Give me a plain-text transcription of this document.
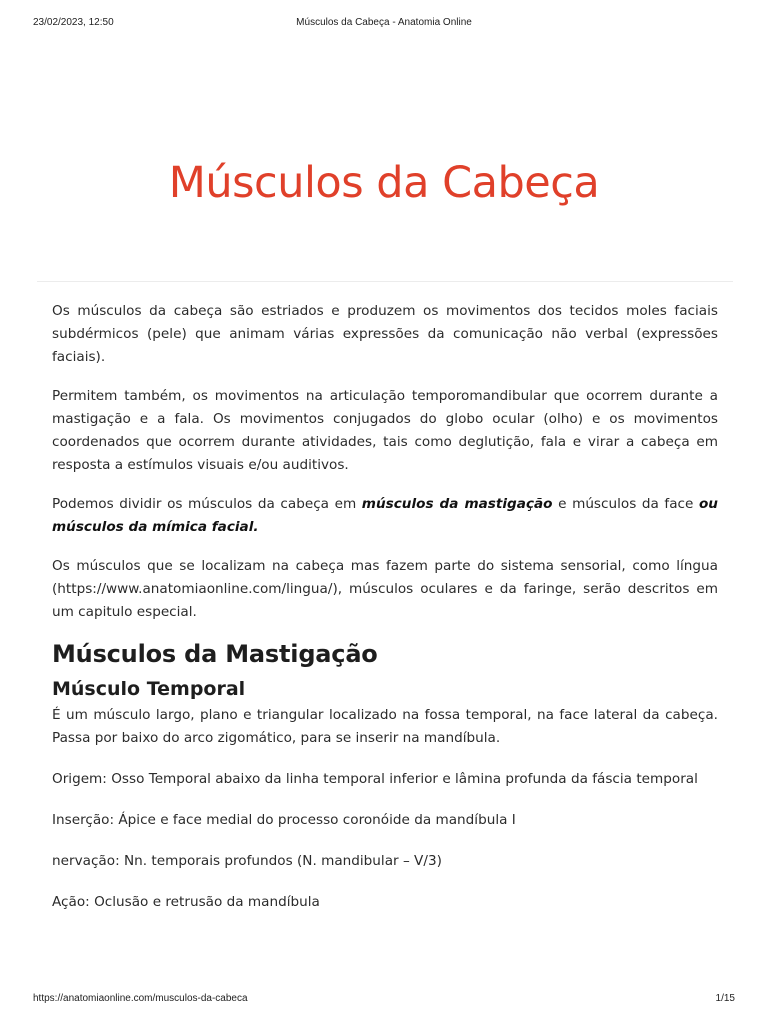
23/02/2023, 12:50	Músculos da Cabeça - Anatomia Online
Músculos da Cabeça

Os músculos da cabeça são estriados e produzem os movimentos dos tecidos moles faciais subdérmicos (pele) que animam várias expressões da comunicação não verbal (expressões faciais).

Permitem também, os movimentos na articulação temporomandibular que ocorrem durante a mastigação e a fala. Os movimentos conjugados do globo ocular (olho) e os movimentos coordenados que ocorrem durante atividades, tais como deglutição, fala e virar a cabeça em resposta a estímulos visuais e/ou auditivos.

Podemos dividir os músculos da cabeça em músculos da mastigação e músculos da face ou músculos da mímica facial.

Os músculos que se localizam na cabeça mas fazem parte do sistema sensorial, como língua (https://www.anatomiaonline.com/lingua/), músculos oculares e da faringe, serão descritos em um capitulo especial.

Músculos da Mastigação
Músculo Temporal

É um músculo largo, plano e triangular localizado na fossa temporal, na face lateral da cabeça. Passa por baixo do arco zigomático, para se inserir na mandíbula.

Origem: Osso Temporal abaixo da linha temporal inferior e lâmina profunda da fáscia temporal

Inserção: Ápice e face medial do processo coronóide da mandíbula I

nervação: Nn. temporais profundos (N. mandibular – V/3)

Ação: Oclusão e retrusão da mandíbula

https://anatomiaonline.com/musculos-da-cabeca	1/15
